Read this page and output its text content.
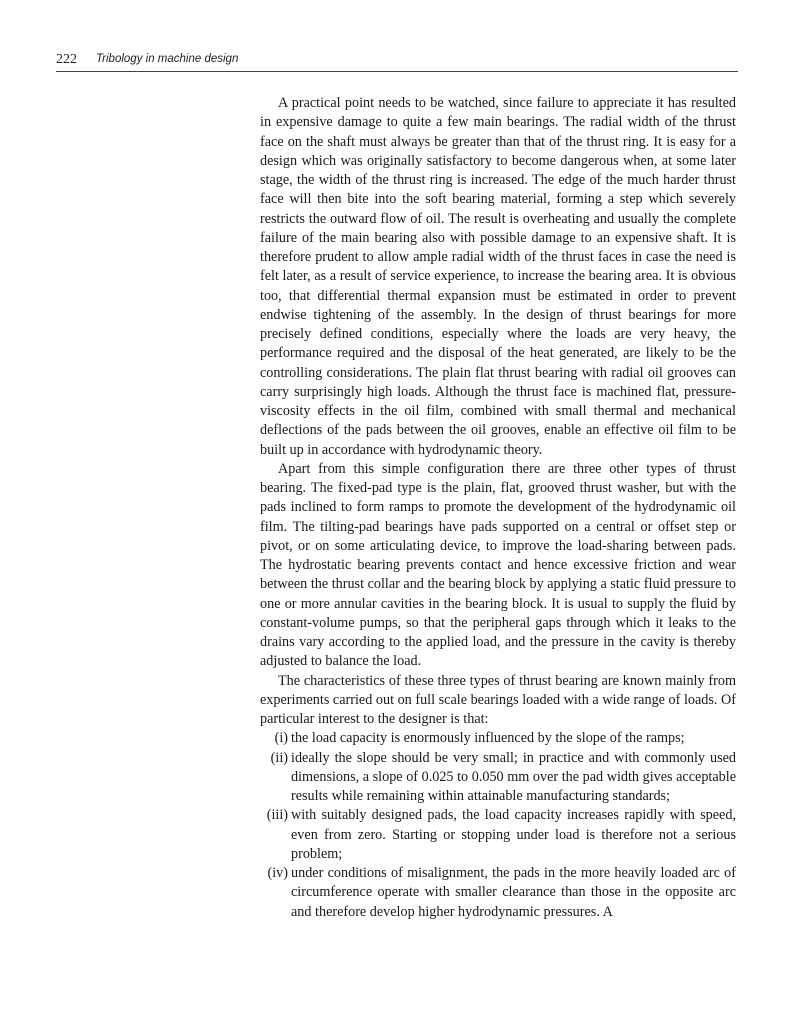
222 Tribology in machine design

A practical point needs to be watched, since failure to appreciate it has resulted in expensive damage to quite a few main bearings. The radial width of the thrust face on the shaft must always be greater than that of the thrust ring. It is easy for a design which was originally satisfactory to become dangerous when, at some later stage, the width of the thrust ring is increased. The edge of the much harder thrust face will then bite into the soft bearing material, forming a step which severely restricts the outward flow of oil. The result is overheating and usually the complete failure of the main bearing also with possible damage to an expensive shaft. It is therefore prudent to allow ample radial width of the thrust faces in case the need is felt later, as a result of service experience, to increase the bearing area. It is obvious too, that differential thermal expansion must be estimated in order to prevent endwise tightening of the assembly. In the design of thrust bearings for more precisely defined conditions, especially where the loads are very heavy, the performance required and the disposal of the heat generated, are likely to be the controlling considerations. The plain flat thrust bearing with radial oil grooves can carry surprisingly high loads. Although the thrust face is machined flat, pressure-viscosity effects in the oil film, combined with small thermal and mechanical deflections of the pads between the oil grooves, enable an effective oil film to be built up in accordance with hydrodynamic theory.

Apart from this simple configuration there are three other types of thrust bearing. The fixed-pad type is the plain, flat, grooved thrust washer, but with the pads inclined to form ramps to promote the development of the hydrodynamic oil film. The tilting-pad bearings have pads supported on a central or offset step or pivot, or on some articulating device, to improve the load-sharing between pads. The hydrostatic bearing prevents contact and hence excessive friction and wear between the thrust collar and the bearing block by applying a static fluid pressure to one or more annular cavities in the bearing block. It is usual to supply the fluid by constant-volume pumps, so that the peripheral gaps through which it leaks to the drains vary according to the applied load, and the pressure in the cavity is thereby adjusted to balance the load.

The characteristics of these three types of thrust bearing are known mainly from experiments carried out on full scale bearings loaded with a wide range of loads. Of particular interest to the designer is that:

(i) the load capacity is enormously influenced by the slope of the ramps;
(ii) ideally the slope should be very small; in practice and with commonly used dimensions, a slope of 0.025 to 0.050 mm over the pad width gives acceptable results while remaining within attainable manufacturing standards;
(iii) with suitably designed pads, the load capacity increases rapidly with speed, even from zero. Starting or stopping under load is therefore not a serious problem;
(iv) under conditions of misalignment, the pads in the more heavily loaded arc of circumference operate with smaller clearance than those in the opposite arc and therefore develop higher hydrodynamic pressures. A
